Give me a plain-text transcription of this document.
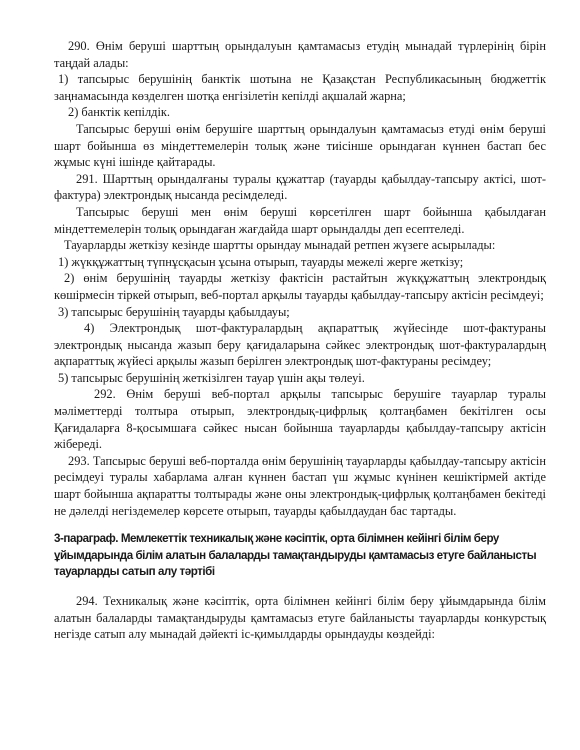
290. Өнім беруші шарттың орындалуын қамтамасыз етудің мынадай түрлерінің бірін таңдай алады:

1) тапсырыс берушінің банктік шотына не Қазақстан Республикасының бюджеттік заңнамасында көзделген шотқа енгізілетін кепілді ақшалай жарна;

2) банктік кепілдік.

Тапсырыс беруші өнім берушіге шарттың орындалуын қамтамасыз етуді өнім беруші шарт бойынша өз міндеттемелерін толық және тиісінше орындаған күннен бастап бес жұмыс күні ішінде қайтарады.

291. Шарттың орындалғаны туралы құжаттар (тауарды қабылдау-тапсыру актісі, шот-фактура) электрондық нысанда ресімделеді.

Тапсырыс беруші мен өнім беруші көрсетілген шарт бойынша қабылдаған міндеттемелерін толық орындаған жағдайда шарт орындалды деп есептеледі.

Тауарларды жеткізу кезінде шартты орындау мынадай ретпен жүзеге асырылады:

1) жүкқұжаттың түпнұсқасын ұсына отырып, тауарды межелі жерге жеткізу;

2) өнім берушінің тауарды жеткізу фактісін растайтын жүкқұжаттың электрондық көшірмесін тіркей отырып, веб-портал арқылы тауарды қабылдау-тапсыру актісін ресімдеуі;

3) тапсырыс берушінің тауарды қабылдауы;

4) Электрондық шот-фактуралардың ақпараттық жүйесінде шот-фактураны электрондық нысанда жазып беру қағидаларына сәйкес электрондық шот-фактуралардың ақпараттық жүйесі арқылы жазып берілген электрондық шот-фактураны ресімдеу;

5) тапсырыс берушінің жеткізілген тауар үшін ақы төлеуі.

292. Өнім беруші веб-портал арқылы тапсырыс берушіге тауарлар туралы мәліметтерді толтыра отырып, электрондық-цифрлық қолтаңбамен бекітілген осы Қағидаларға 8-қосымшаға сәйкес нысан бойынша тауарларды қабылдау-тапсыру актісін жібереді.

293. Тапсырыс беруші веб-порталда өнім берушінің тауарларды қабылдау-тапсыру актісін ресімдеуі туралы хабарлама алған күннен бастап үш жұмыс күнінен кешіктірмей актіде шарт бойынша ақпаратты толтырады және оны электрондық-цифрлық қолтаңбамен бекітеді не дәлелді негіздемелер көрсете отырып, тауарды қабылдаудан бас тартады.

3-параграф. Мемлекеттік техникалық және кәсіптік, орта білімнен кейінгі білім беру ұйымдарында білім алатын балаларды тамақтандыруды қамтамасыз етуге байланысты тауарларды сатып алу тәртібі

294. Техникалық және кәсіптік, орта білімнен кейінгі білім беру ұйымдарында білім алатын балаларды тамақтандыруды қамтамасыз етуге байланысты тауарларды конкурстық негізде сатып алу мынадай дәйекті іс-қимылдарды орындауды көздейді:
